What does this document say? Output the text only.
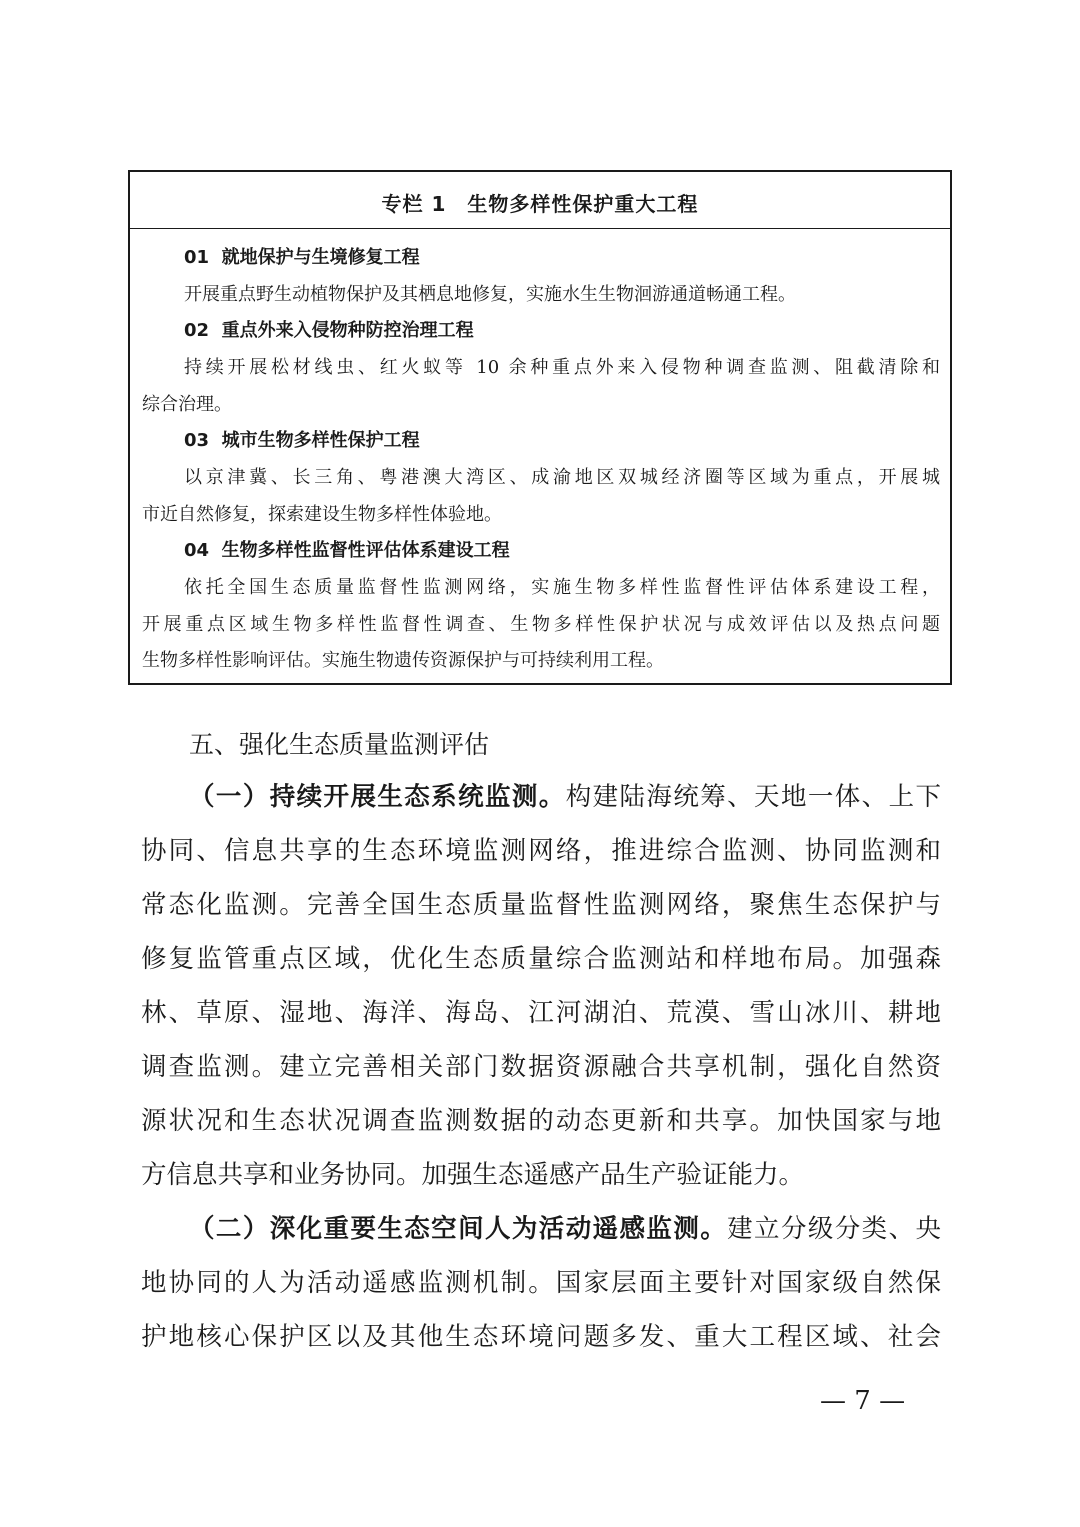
专栏 1　生物多样性保护重大工程
01  就地保护与生境修复工程
开展重点野生动植物保护及其栖息地修复，实施水生生物洄游通道畅通工程。
02  重点外来入侵物种防控治理工程
持续开展松材线虫、红火蚁等 10 余种重点外来入侵物种调查监测、阻截清除和
综合治理。
03  城市生物多样性保护工程
以京津冀、长三角、粤港澳大湾区、成渝地区双城经济圈等区域为重点，开展城
市近自然修复，探索建设生物多样性体验地。
04  生物多样性监督性评估体系建设工程
依托全国生态质量监督性监测网络，实施生物多样性监督性评估体系建设工程，
开展重点区域生物多样性监督性调查、生物多样性保护状况与成效评估以及热点问题
生物多样性影响评估。实施生物遗传资源保护与可持续利用工程。
五、强化生态质量监测评估
（一）持续开展生态系统监测。构建陆海统筹、天地一体、上下
协同、信息共享的生态环境监测网络，推进综合监测、协同监测和
常态化监测。完善全国生态质量监督性监测网络，聚焦生态保护与
修复监管重点区域，优化生态质量综合监测站和样地布局。加强森
林、草原、湿地、海洋、海岛、江河湖泊、荒漠、雪山冰川、耕地
调查监测。建立完善相关部门数据资源融合共享机制，强化自然资
源状况和生态状况调查监测数据的动态更新和共享。加快国家与地
方信息共享和业务协同。加强生态遥感产品生产验证能力。
（二）深化重要生态空间人为活动遥感监测。建立分级分类、央
地协同的人为活动遥感监测机制。国家层面主要针对国家级自然保
护地核心保护区以及其他生态环境问题多发、重大工程区域、社会
— 7 —
